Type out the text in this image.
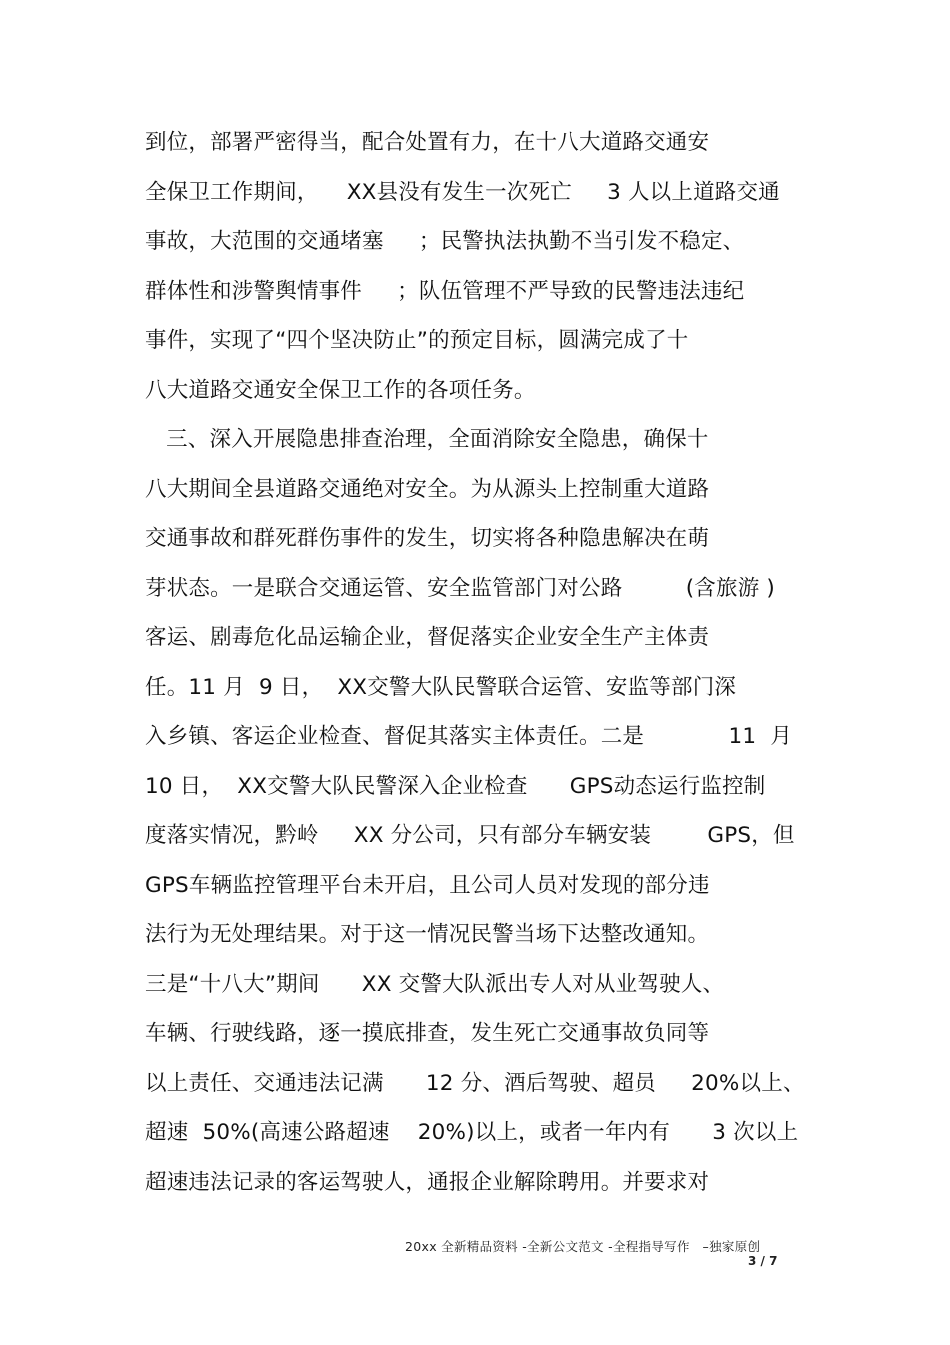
到位，部署严密得当，配合处置有力，在十八大道路交通安
全保卫工作期间，    XX县没有发生一次死亡     3 人以上道路交通
事故，大范围的交通堵塞     ；民警执法执勤不当引发不稳定、
群体性和涉警舆情事件     ；队伍管理不严导致的民警违法违纪
事件，实现了“四个坚决防止”的预定目标，圆满完成了十
八大道路交通安全保卫工作的各项任务。
三、深入开展隐患排查治理，全面消除安全隐患，确保十
八大期间全县道路交通绝对安全。为从源头上控制重大道路
交通事故和群死群伤事件的发生，切实将各种隐患解决在萌
芽状态。一是联合交通运管、安全监管部门对公路         (含旅游 )
客运、剧毒危化品运输企业，督促落实企业安全生产主体责
任。11 月  9 日，  XX交警大队民警联合运管、安监等部门深
入乡镇、客运企业检查、督促其落实主体责任。二是            11  月
10 日，  XX交警大队民警深入企业检查      GPS动态运行监控制
度落实情况，黔岭     XX 分公司，只有部分车辆安装        GPS，但
GPS车辆监控管理平台未开启，且公司人员对发现的部分违
法行为无处理结果。对于这一情况民警当场下达整改通知。
三是“十八大”期间      XX 交警大队派出专人对从业驾驶人、
车辆、行驶线路，逐一摸底排查，发生死亡交通事故负同等
以上责任、交通违法记满      12 分、酒后驾驶、超员     20%以上、
超速  50%(高速公路超速    20%)以上，或者一年内有      3 次以上
超速违法记录的客运驾驶人，通报企业解除聘用。并要求对
20xx 全新精品资料 -全新公文范文 -全程指导写作   –独家原创
3 / 7
